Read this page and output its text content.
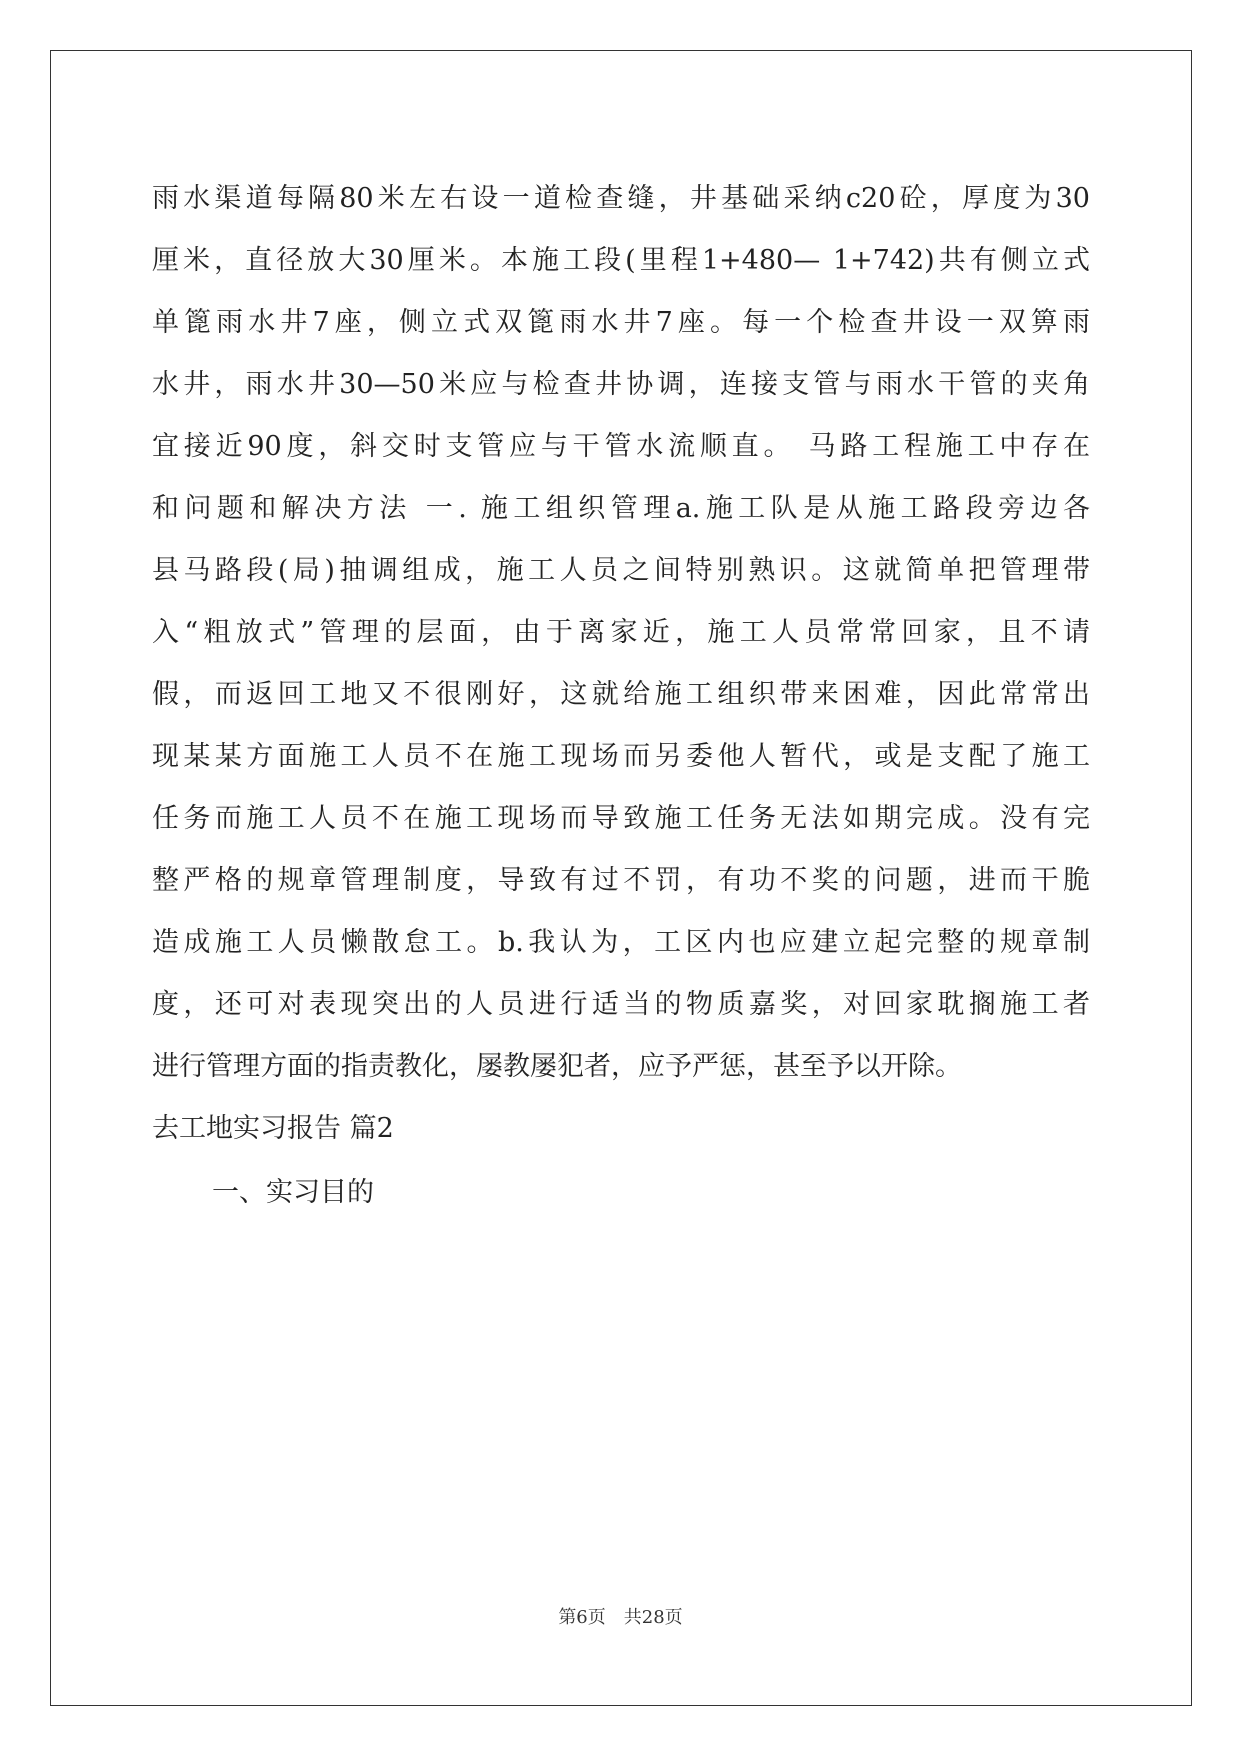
雨水渠道每隔80米左右设一道检查缝，井基础采纳c20砼，厚度为30
厘米，直径放大30厘米。本施工段(里程1+480— 1+742)共有侧立式
单篦雨水井7座，侧立式双篦雨水井7座。每一个检查井设一双箅雨
水井，雨水井30—50米应与检查井协调，连接支管与雨水干管的夹角
宜接近90度，斜交时支管应与干管水流顺直。 马路工程施工中存在
和问题和解决方法 一. 施工组织管理a.施工队是从施工路段旁边各
县马路段(局)抽调组成，施工人员之间特别熟识。这就简单把管理带
入“粗放式”管理的层面，由于离家近，施工人员常常回家，且不请
假，而返回工地又不很刚好，这就给施工组织带来困难，因此常常出
现某某方面施工人员不在施工现场而另委他人暂代，或是支配了施工
任务而施工人员不在施工现场而导致施工任务无法如期完成。没有完
整严格的规章管理制度，导致有过不罚，有功不奖的问题，进而干脆
造成施工人员懒散怠工。b.我认为，工区内也应建立起完整的规章制
度，还可对表现突出的人员进行适当的物质嘉奖，对回家耽搁施工者
进行管理方面的指责教化，屡教屡犯者，应予严惩，甚至予以开除。
去工地实习报告 篇2
一、实习目的
第6页　共28页
